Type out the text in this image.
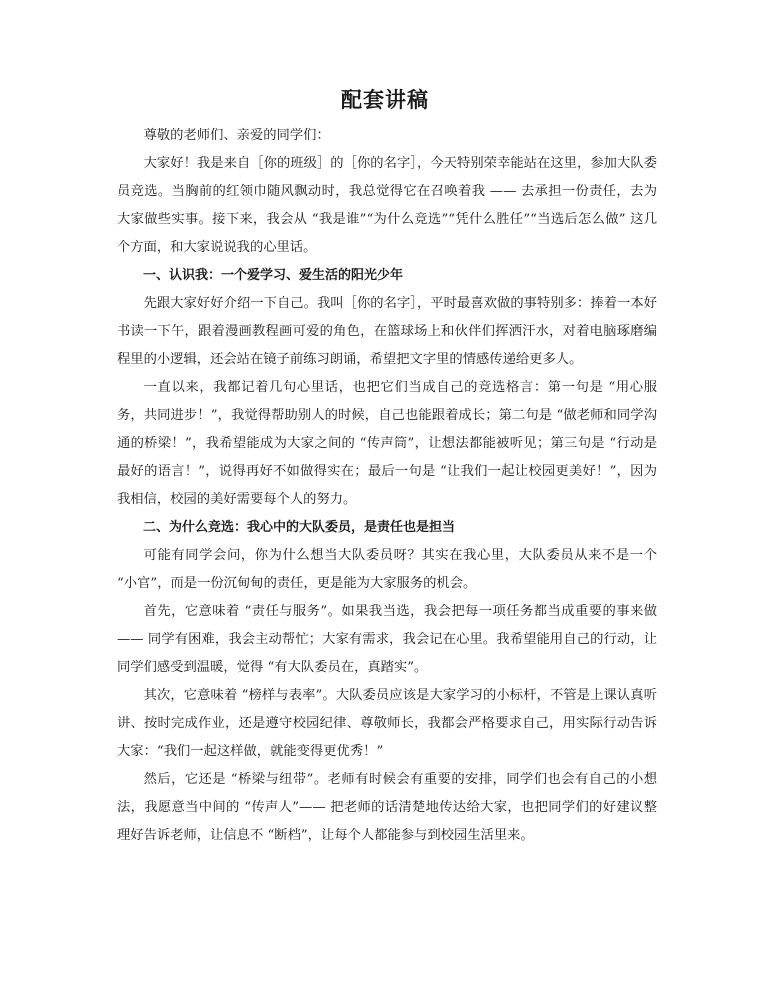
配套讲稿

尊敬的老师们、亲爱的同学们：

大家好！我是来自［你的班级］的［你的名字］，今天特别荣幸能站在这里，参加大队委员竞选。当胸前的红领巾随风飘动时，我总觉得它在召唤着我 —— 去承担一份责任，去为大家做些实事。接下来，我会从 “我是谁”“为什么竞选”“凭什么胜任”“当选后怎么做” 这几个方面，和大家说说我的心里话。

一、认识我：一个爱学习、爱生活的阳光少年

先跟大家好好介绍一下自己。我叫［你的名字］，平时最喜欢做的事特别多：捧着一本好书读一下午，跟着漫画教程画可爱的角色，在篮球场上和伙伴们挥洒汗水，对着电脑琢磨编程里的小逻辑，还会站在镜子前练习朗诵，希望把文字里的情感传递给更多人。

一直以来，我都记着几句心里话，也把它们当成自己的竞选格言：第一句是 “用心服务，共同进步！”，我觉得帮助别人的时候，自己也能跟着成长；第二句是 “做老师和同学沟通的桥梁！”，我希望能成为大家之间的 “传声筒”，让想法都能被听见；第三句是 “行动是最好的语言！”，说得再好不如做得实在；最后一句是 “让我们一起让校园更美好！”，因为我相信，校园的美好需要每个人的努力。

二、为什么竞选：我心中的大队委员，是责任也是担当

可能有同学会问，你为什么想当大队委员呀？其实在我心里，大队委员从来不是一个 “小官”，而是一份沉甸甸的责任，更是能为大家服务的机会。

首先，它意味着 “责任与服务”。如果我当选，我会把每一项任务都当成重要的事来做 —— 同学有困难，我会主动帮忙；大家有需求，我会记在心里。我希望能用自己的行动，让同学们感受到温暖，觉得 “有大队委员在，真踏实”。

其次，它意味着 “榜样与表率”。大队委员应该是大家学习的小标杆，不管是上课认真听讲、按时完成作业，还是遵守校园纪律、尊敬师长，我都会严格要求自己，用实际行动告诉大家：“我们一起这样做，就能变得更优秀！”

然后，它还是 “桥梁与纽带”。老师有时候会有重要的安排，同学们也会有自己的小想法，我愿意当中间的 “传声人”—— 把老师的话清楚地传达给大家，也把同学们的好建议整理好告诉老师，让信息不 “断档”，让每个人都能参与到校园生活里来。
